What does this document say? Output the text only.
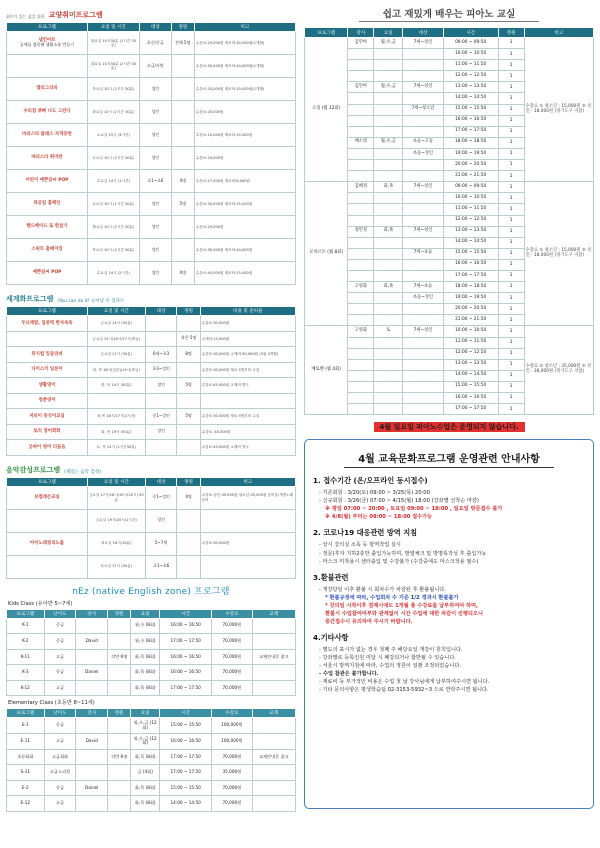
취미가 있는 삶을 위한 교양취미프로그램
프로그램	요일 및 시간	대상	정원	비고
냅킨아트
공예를 접목해 생활소품 만들기	화요일 10시30분 (1시간 30분)	초중/중급	전체 5명	수강료:20,000원 재료비:30,000원(1개월)
	화요일 10시30분 (2시간 30분)	고급/사범		수강료:30,000원 재료비:40,000원(1개월)
캘리그라피	목요일 10시 (2시간 30분)	성인		수강료:20,000원 재료비:10,000원(1개월)
우리집 뽀삐 나도 그린다	화요일 10시 (2시간 30분)	성인		수강료:20,000원
바리스타 클래스 자격증반	토요일 15시 (3시간)	성인		수강료:10,000원 재료비:15,000원
바리스타 취미반	토요일 10시 (2시간 30분)	성인		수강료:20,000원
어린이 예쁜글씨 POP	수요일 14시 (1시간)	초1~초6	4명	수강료:27,000원 재료비:8,000원
목공업 홈페인	토요일 10시 (1시간 30분)	성인	5명	수강료:30,000원 재료비:15,000원
핸드페이드 또 한살기	월요일 10시 (2시간 30분)	성인		수강료:20,000원
스위트 홈베이킹	목요일 10시 (2시간 30분)	성인		수강료:35,000원 재료비:40,000원
예쁜글씨 POP	수요일 14시 (2시간)	성인	4명	수강료:40,000원 재료비:15,000원
세계화프로그램 (You can do it! 늘어날 수 있다!)
프로그램	요일 및 시간	대상	정원	비용 및 준비물
두뇌계발, 집중력 한자속독	금요일 14시 (50분)			수강료:30,000원
	금요일 15시/16시/17시(중급)		작은 5명	교재비:15,000원
뮤지컬 잉글리쉬	금요일 17시 (50분)	6세~초3	8명	수강료:30,000원 교재비:30,000원 (3권 3개월)
다이스키 일본어	화, 목 18시(입문)/19시(중급)	초3~성인		수강료:30,000원 재료 5명부터 수업
생활영어	화, 목 14시 (50분)	성인	5명	수강료:45,000원 교재비 별도
청춘영어				
저피이 중국어교실	화,목 16시/17시(2시간)	중1~성인	5명	수강료:30,000원 재료 5명부터 수업
토익 영어회화	화, 목 19시 (50분)	성인		수강료: 45,000원
굿바이 영어 더듬음	토, 목 13시 (1시간30분)			수강료:45,000원 교재비 별도
음악감성프로그램 (재밌는 음악 감성)
프로그램	요일 및 시간	대상	정원	비고
보컬레슨교실	금요일 17시/18시/19시(20시) 50분	중1~성인	4명	수강료:성인-39,000원,청소년-35,000원 준비물:개별노래 준비
	금요일 19시/20시(1시간)	성인		
아이노래창의노출	화요일 16시(10분)	5~7세		수강료:30,000원
	토요일 17시 (50분)	초1~초6		
nEz (native English zone) 프로그램
Kids Class (유아반 5~7세)
프로그램	난이도	강사	정원	요일	시간	수강료	교재
K-1	중급			월,수 (8회)	16:00 ~ 16:50	70,000원	
K-2	중급	David		월,수 (8회)	17:00 ~ 17:50	70,000원	
K-11	고급		각반 6명	화,목 (8회)	16:00 ~ 16:50	70,000원	교재안내문 참고
K-3	중급	Daniel		화,목 (8회)	16:00 ~ 16:50	70,000원	
K-12	고급			화,목 (8회)	17:00 ~ 17:50	70,000원	
Elementary Class (초등반 8~11세)
프로그램	난이도	강사	정원	요일	시간	수강료	교재
E-1	중급			월,수,금 (12회)	15:00 ~ 15:50	100,000원	
E-11	고급	David		월,수,금 (12회)	16:00 ~ 16:50	100,000원	
초등회화	고급회화		각반 6명	화,목 (8회)	17:00 ~ 17:50	70,000원	교재안내문 참고
S-11	고급스피킹			금 (4회)	17:00 ~ 17:50	35,000원	
E-2	중급	Daniel		화,목 (8회)	15:00 ~ 15:50	70,000원	
E-12	고급			화,목 (8회)	14:00 ~ 14:50	70,000원	
쉽고 재밌게 배우는 피아노 교실
프로그램	강사	요일	대상	시간	정원	비고
소형 (월 12회)	김민아	월,수,금	7세~성인	09:00 ~ 09:50	1	수강료 ① 청소년 : 15,000원 ② 성 인 : 18,000원 (정가도구 지참)
				10:00 ~ 10:50	1	
				11:00 ~ 11:50	1	
				12:00 ~ 12:50	1	
	김민아	월,수,금	7세~성인	13:00 ~ 13:50	1	
				14:00 ~ 14:50	1	
			7세~청소년	15:00 ~ 15:50	1	
				16:00 ~ 16:50	1	
				17:00 ~ 17:50	1	
	배소영	월,수,금	초등~고등	18:00 ~ 18:50	1	
			초등~성인	19:00 ~ 19:50	1	
				20:00 ~ 20:50	1	
				21:00 ~ 21:50	1	
모차르트 (월 8회)	김혜정	화,목	7세~성인	09:00 ~ 09:50	1	수강료 ① 청소년 : 15,000원 ② 성 인 : 18,000원 (정가도구 지참)
				10:00 ~ 10:50	1	
				11:00 ~ 11:50	1	
				12:00 ~ 12:50	1	
	정민정	화,목	7세~성인	13:00 ~ 13:50	1	
				14:00 ~ 14:50	1	
			7세~초등	15:00 ~ 15:50	1	
				16:00 ~ 16:50	1	
				17:00 ~ 17:50	1	
	고영화	화,목	7세~초등	18:00 ~ 18:50	1	
			초등~성인	19:00 ~ 19:50	1	
				20:00 ~ 20:50	1	
				21:00 ~ 21:50	1	
베토벤 (월 4회)	고영화	토	7세~성인	10:00 ~ 10:50	1	수강료 ① 청소년 : 35,000원 ② 성 인 : 38,000원 (정가도구 지참)
				11:00 ~ 11:50	1	
				12:00 ~ 12:50	1	
				13:00 ~ 13:50	1	
				14:00 ~ 14:50	1	
				15:00 ~ 15:50	1	
				16:00 ~ 16:50	1	
				17:00 ~ 17:50	1	
4월 일요일 피아노수업은 운영되지 않습니다.
4월 교육문화프로그램 운영관련 안내사항
1. 접수기간 (온/오프라인 동시접수)

- 기존회원 : 3/20(토) 09:00 ~ 3/25(목) 20:00

- 신규회원 : 3/26(금) 07:00 ~ 4/15(월) 18:00 (강좌별 선착순 마감)

※ 평일 07:00 ~ 20:00 , 토요일 09:00 ~ 18:00 , 일요일 방문접수 불가

※ 4/8(월) 부터는 09:00 ~ 18:00 접수가능

2. 코로나19 대응관련 방역 지침

- 상시 강의실 소독 등 방역작업 실시

- 정문(후자 지하2층만 출입가능하며, 발열체크 및 방명록작성 후 출입가능

- 마스크 미착용시 센터출입 및 수강불가 (수강중에도 마스크착용 필수)

3.환불관련

- 개강당일 이후 환불 시 회차수가 차감된 후 환불됩니다.

* 환불규정에 따라, 수업회차 수 기준 1/2 경과시 환불불가

* 강의일 시작이후 결제시에도 1개월 총 수강료를 납부하여야 하며,

환불시 수업참여여부와 관계없이 시간 수업에 대한 차감이 진행되오니

중간접수시 유의하여 주시기 바랍니다.

4.기타사항

- 별도의 표시가 없는 경우 첫째 주 해당요일 개강이 원칙입니다.

- 강좌별로 등록인원 미달 시 폐강되거나 합반될 수 있습니다.

- 서울시 방역지침에 따라, 수업의 정원이 일괄 조정되었습니다.

- 수업 참관은 불가합니다.

- 재료비 등 부가적인 비용은 수업 첫 날 강사님에게 납부하여주시면 됩니다.

- 기타 문의사항은 평생학습팀 02-3153-5932~3 으로 연락주시면 됩니다.
